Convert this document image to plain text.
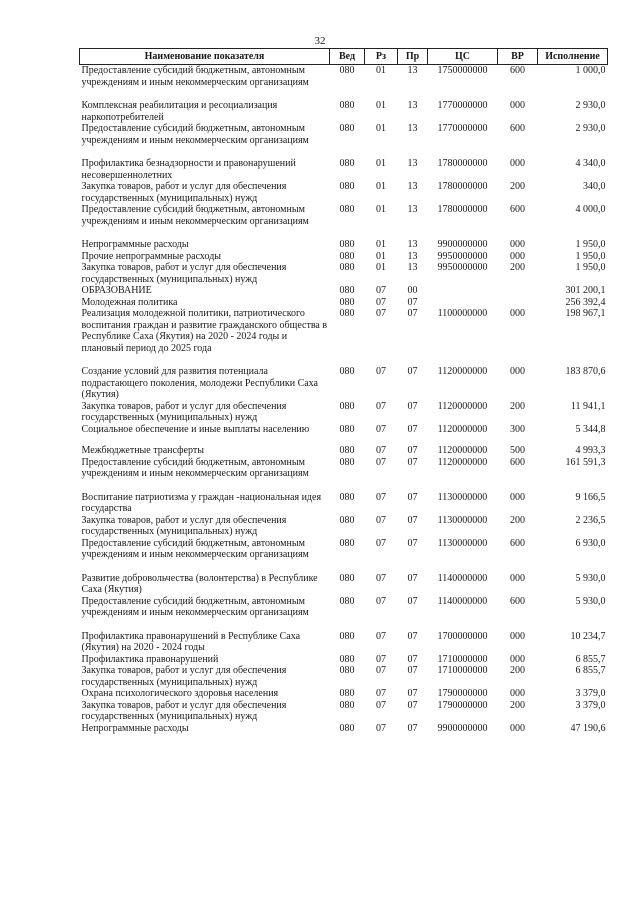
32
Наименование показателя	Вед	Рз	Пр	ЦС	ВР	Исполнение
Предоставление субсидий бюджетным, автономным учреждениям и иным некоммерческим организациям	080	01	13	1750000000	600	1 000,0
Комплексная реабилитация и ресоциализация наркопотребителей	080	01	13	1770000000	000	2 930,0
Предоставление субсидий бюджетным, автономным учреждениям и иным некоммерческим организациям	080	01	13	1770000000	600	2 930,0
Профилактика безнадзорности и правонарушений несовершеннолетних	080	01	13	1780000000	000	4 340,0
Закупка товаров, работ и услуг для обеспечения государственных (муниципальных) нужд	080	01	13	1780000000	200	340,0
Предоставление субсидий бюджетным, автономным учреждениям и иным некоммерческим организациям	080	01	13	1780000000	600	4 000,0
Непрограммные расходы	080	01	13	9900000000	000	1 950,0
Прочие непрограммные расходы	080	01	13	9950000000	000	1 950,0
Закупка товаров, работ и услуг для обеспечения государственных (муниципальных) нужд	080	01	13	9950000000	200	1 950,0
ОБРАЗОВАНИЕ	080	07	00			301 200,1
Молодежная политика	080	07	07			256 392,4
Реализация молодежной политики, патриотического воспитания граждан и развитие гражданского общества в Республике Саха (Якутия) на 2020 - 2024 годы и плановый период до 2025 года	080	07	07	1100000000	000	198 967,1
Создание условий для развития потенциала подрастающего поколения, молодежи Республики Саха (Якутия)	080	07	07	1120000000	000	183 870,6
Закупка товаров, работ и услуг для обеспечения государственных (муниципальных) нужд	080	07	07	1120000000	200	11 941,1
Социальное обеспечение и иные выплаты населению	080	07	07	1120000000	300	5 344,8
Межбюджетные трансферты	080	07	07	1120000000	500	4 993,3
Предоставление субсидий бюджетным, автономным учреждениям и иным некоммерческим организациям	080	07	07	1120000000	600	161 591,3
Воспитание патриотизма у граждан -национальная идея государства	080	07	07	1130000000	000	9 166,5
Закупка товаров, работ и услуг для обеспечения государственных (муниципальных) нужд	080	07	07	1130000000	200	2 236,5
Предоставление субсидий бюджетным, автономным учреждениям и иным некоммерческим организациям	080	07	07	1130000000	600	6 930,0
Развитие добровольчества (волонтерства) в Республике Саха (Якутия)	080	07	07	1140000000	000	5 930,0
Предоставление субсидий бюджетным, автономным учреждениям и иным некоммерческим организациям	080	07	07	1140000000	600	5 930,0
Профилактика правонарушений в Республике Саха (Якутия) на 2020 - 2024 годы	080	07	07	1700000000	000	10 234,7
Профилактика правонарушений	080	07	07	1710000000	000	6 855,7
Закупка товаров, работ и услуг для обеспечения государственных (муниципальных) нужд	080	07	07	1710000000	200	6 855,7
Охрана психологического здоровья населения	080	07	07	1790000000	000	3 379,0
Закупка товаров, работ и услуг для обеспечения государственных (муниципальных) нужд	080	07	07	1790000000	200	3 379,0
Непрограммные расходы	080	07	07	9900000000	000	47 190,6
